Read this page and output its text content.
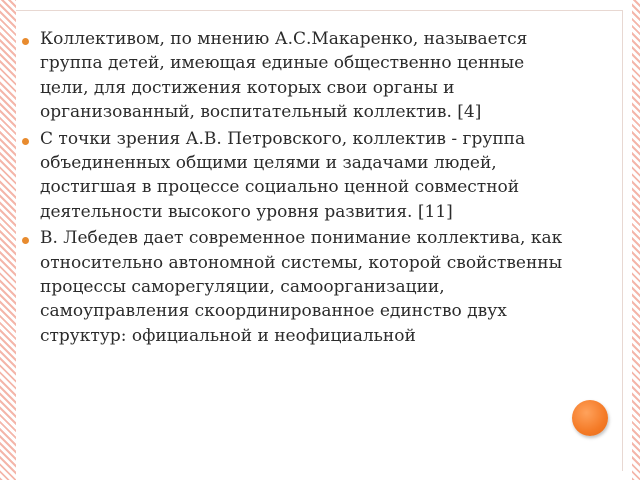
Коллективом, по мнению А.С.Макаренко, называется группа детей, имеющая единые общественно ценные цели, для достижения которых свои органы и организованный, воспитательный коллектив. [4]
С точки зрения А.В. Петровского, коллектив - группа объединенных общими целями и задачами людей, достигшая в процессе социально ценной совместной деятельности высокого уровня развития. [11]
В. Лебедев дает современное понимание коллектива, как относительно автономной системы, которой свойственны процессы саморегуляции, самоорганизации, самоуправления скоординированное единство двух структур: официальной и неофициальной
